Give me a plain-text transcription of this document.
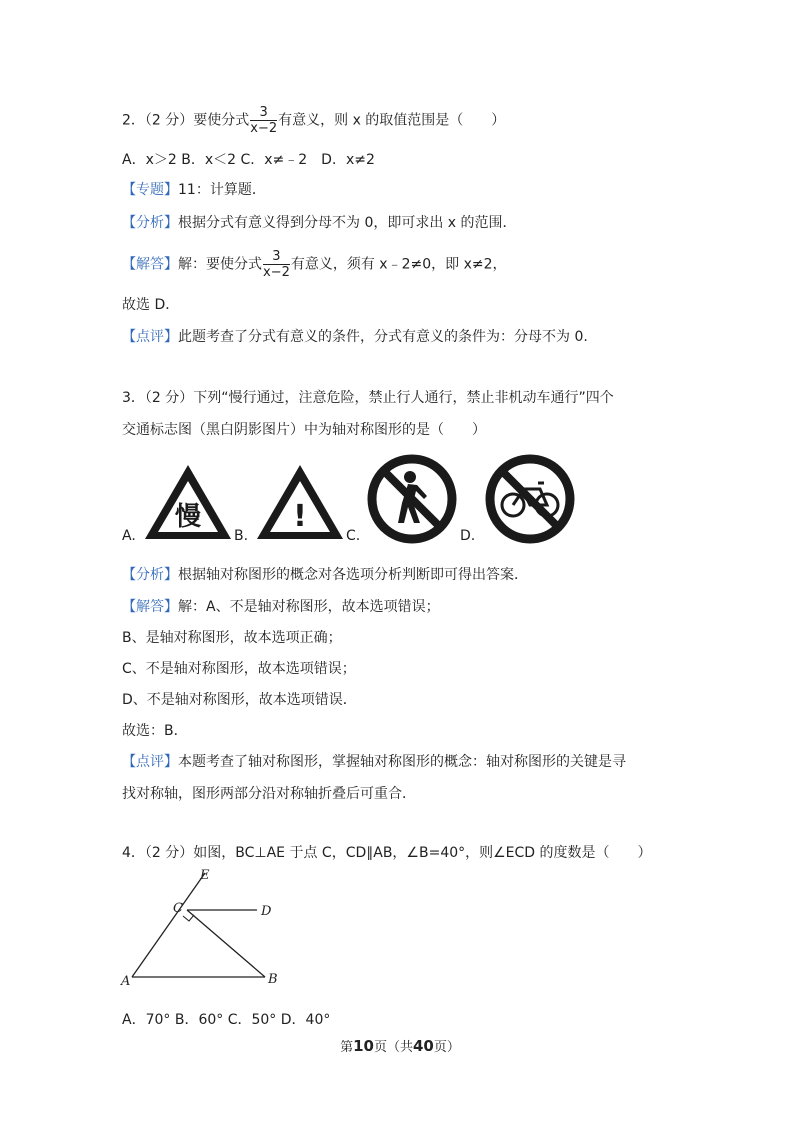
2．（2 分）要使分式 $\frac{3}{x-2}$ 有意义，则 x 的取值范围是（　　）
A．x＞2 B．x＜2 C．x≠﹣2　D．x≠2
【专题】11：计算题．
【分析】根据分式有意义得到分母不为 0，即可求出 x 的范围．
【解答】解：要使分式 $\frac{3}{x-2}$ 有意义，须有 x﹣2≠0，即 x≠2，
故选 D．
【点评】此题考查了分式有意义的条件，分式有意义的条件为：分母不为 0.
3．（2 分）下列“慢行通过，注意危险，禁止行人通行，禁止非机动车通行”四个
交通标志图（黑白阴影图片）中为轴对称图形的是（　　）
A.
慢
B.
!
C.	D.
【分析】根据轴对称图形的概念对各选项分析判断即可得出答案．
【解答】解：A、不是轴对称图形，故本选项错误；
B、是轴对称图形，故本选项正确；
C、不是轴对称图形，故本选项错误；
D、不是轴对称图形，故本选项错误．
故选：B．
【点评】本题考查了轴对称图形，掌握轴对称图形的概念：轴对称图形的关键是寻
找对称轴，图形两部分沿对称轴折叠后可重合．
4．（2 分）如图，BC⊥AE 于点 C，CD∥AB，∠B=40°，则∠ECD 的度数是（　　）
E
C	D
A	B
A．70° B．60° C．50° D．40°
第10页（共40页）
